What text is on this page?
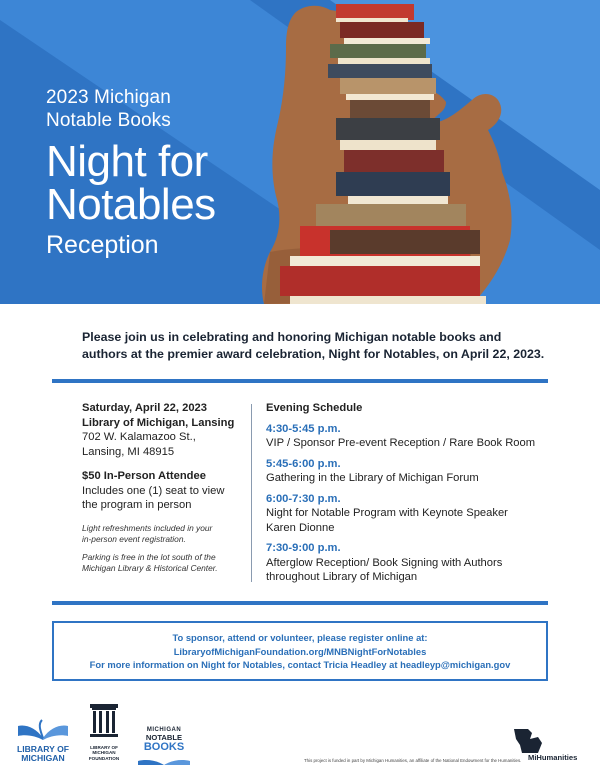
2023 Michigan
Notable Books
Night for
Notables
Reception
Please join us in celebrating and honoring Michigan notable books and
authors at the premier award celebration, Night for Notables, on April 22, 2023.
Saturday, April 22, 2023
Library of Michigan, Lansing
702 W. Kalamazoo St.,
Lansing, MI 48915
$50 In-Person Attendee
Includes one (1) seat to view
the program in person
Light refreshments included in your
in-person event registration.
Parking is free in the lot south of the
Michigan Library & Historical Center.
Evening Schedule
4:30-5:45 p.m.
VIP / Sponsor Pre-event Reception / Rare Book Room
5:45-6:00 p.m.
Gathering in the Library of Michigan Forum
6:00-7:30 p.m.
Night for Notable Program with Keynote Speaker
Karen Dionne
7:30-9:00 p.m.
Afterglow Reception/ Book Signing with Authors
throughout Library of Michigan
To sponsor, attend or volunteer, please register online at:
LibraryofMichiganFoundation.org/MNBNightForNotables
For more information on Night for Notables, contact Tricia Headley at headleyp@michigan.gov
LIBRARY OF
MICHIGAN
LIBRARY OF
MICHIGAN
FOUNDATION
MICHIGAN
NOTABLE
BOOKS
MiHumanities
This project is funded in part by Michigan Humanities, an affiliate of the National Endowment for the Humanities.
